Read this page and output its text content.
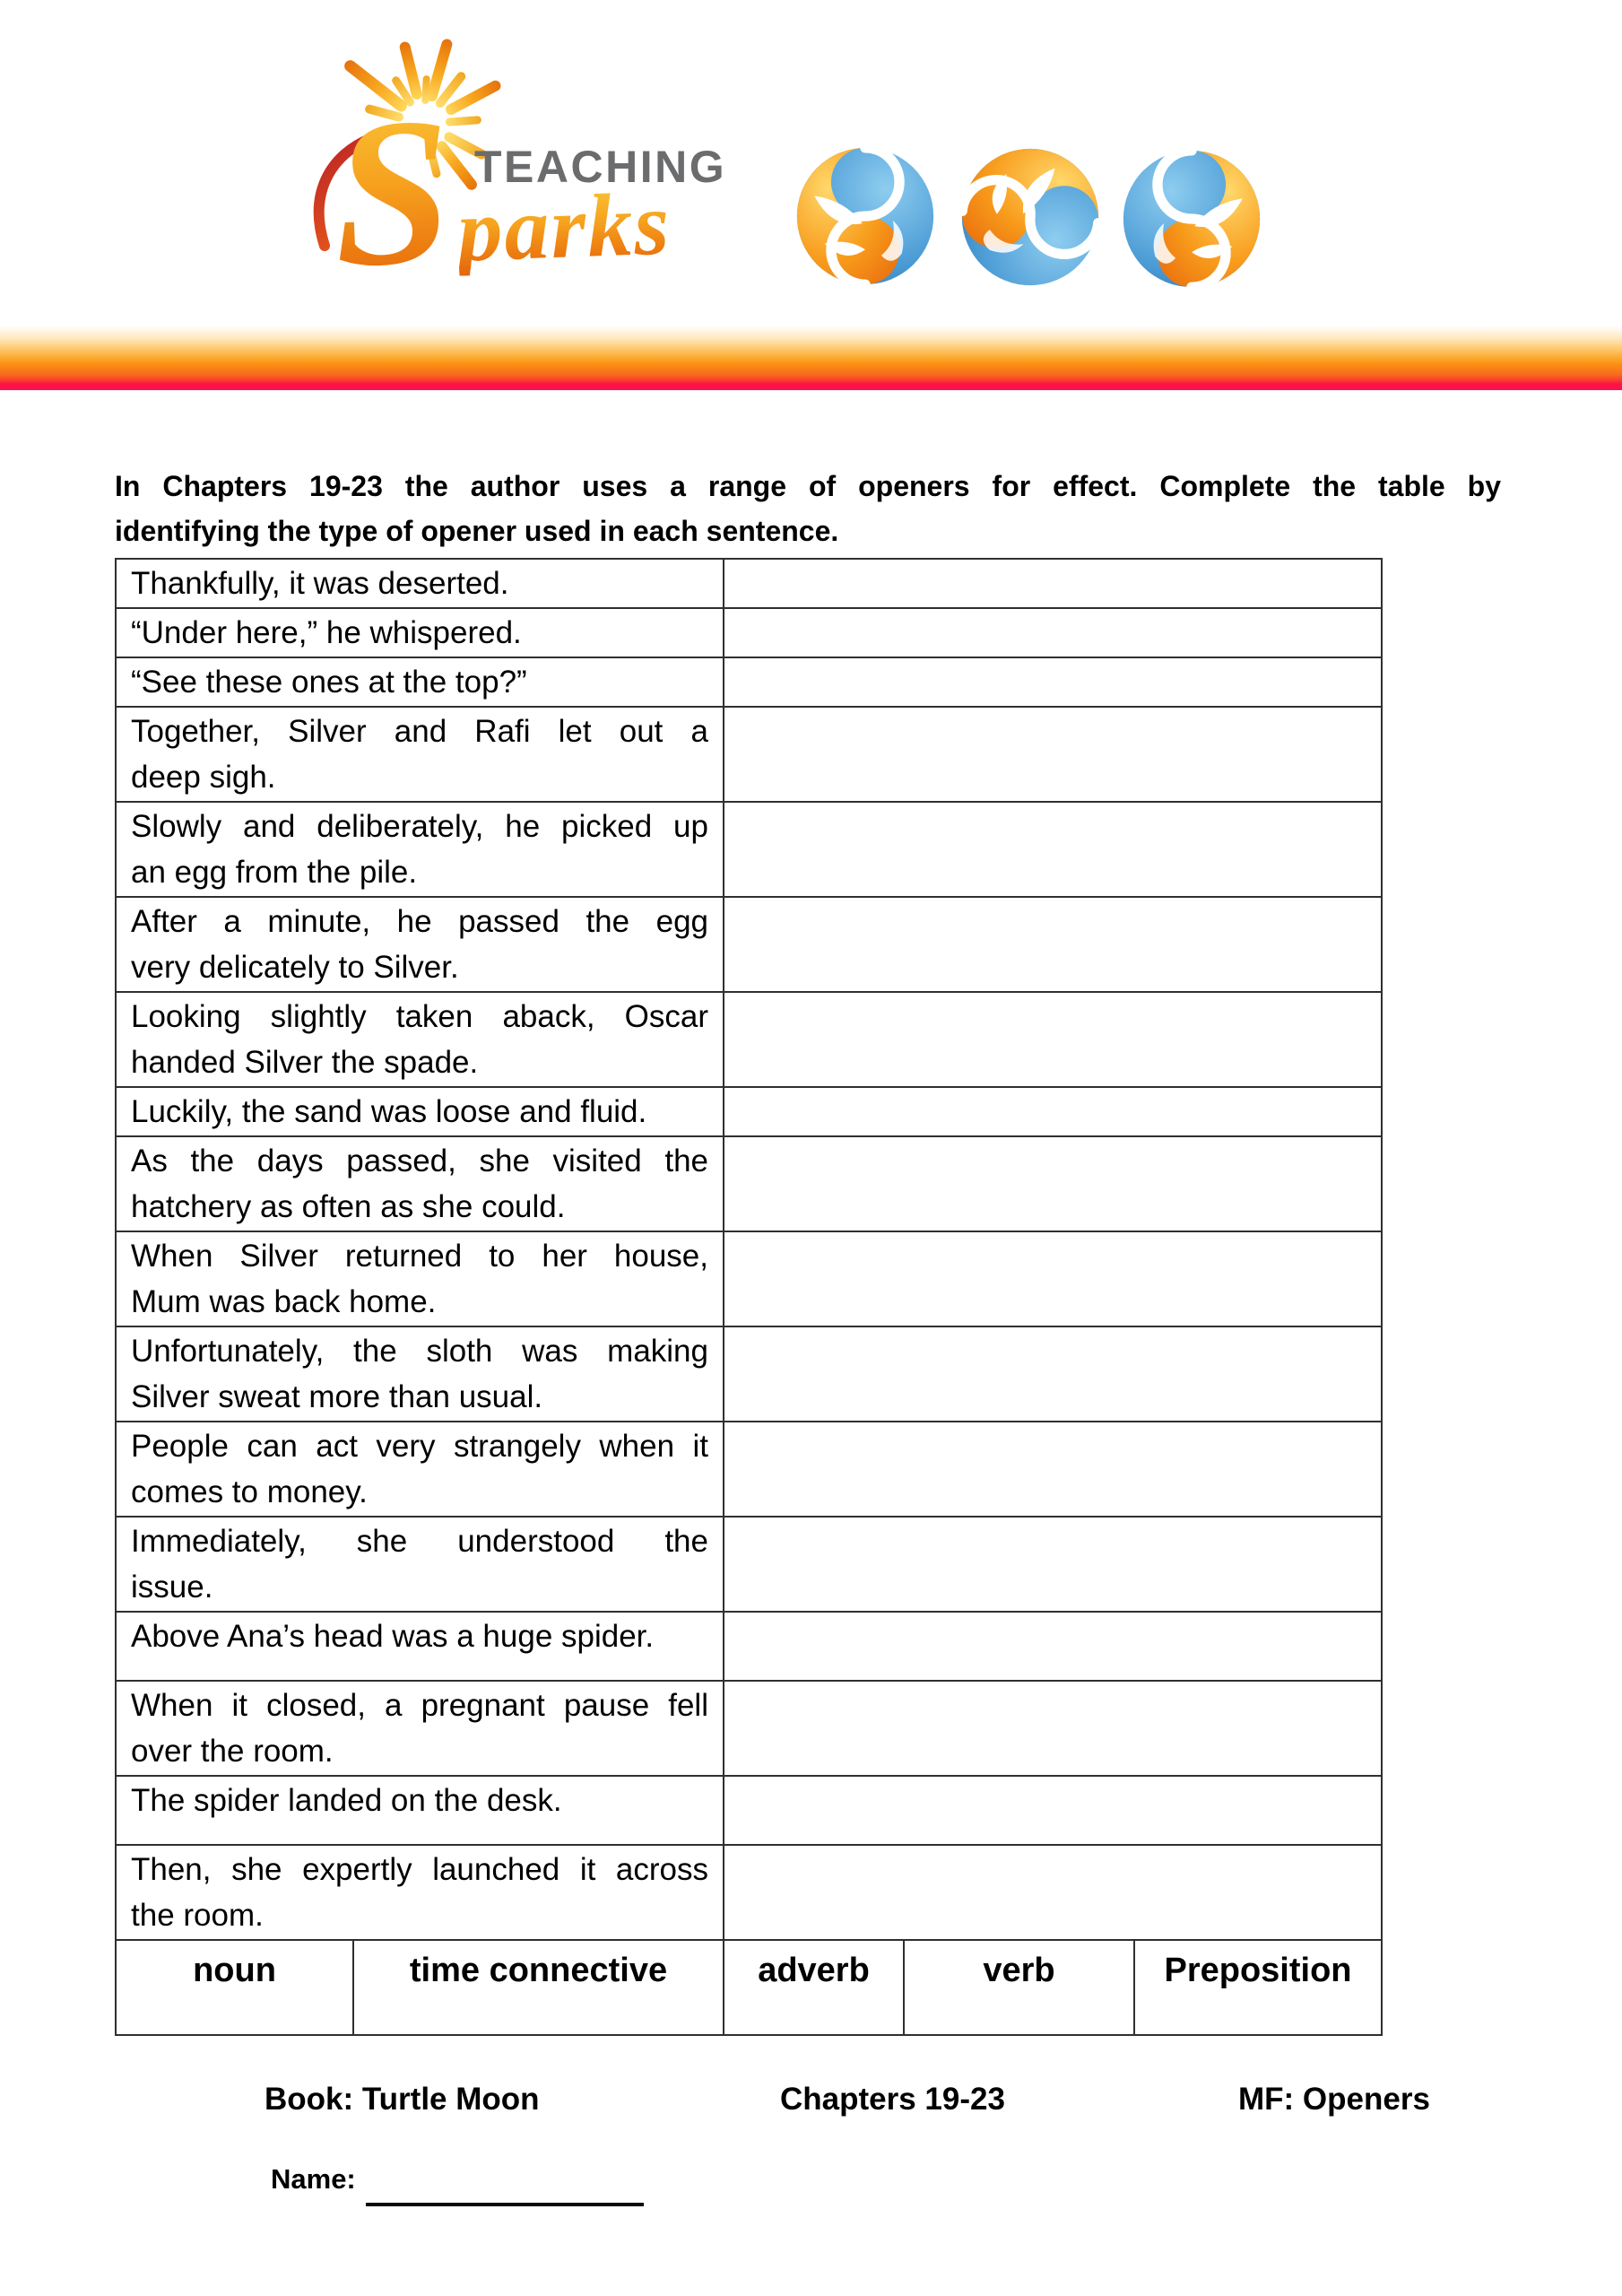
S parks
TEACHING
In Chapters 19-23 the author uses a range of openers for effect. Complete the table by
identifying the type of opener used in each sentence.
Thankfully, it was deserted.
“Under here,” he whispered.
“See these ones at the top?”
Together, Silver and Rafi let out a
deep sigh.
Slowly and deliberately, he picked up
an egg from the pile.
After a minute, he passed the egg
very delicately to Silver.
Looking slightly taken aback, Oscar
handed Silver the spade.
Luckily, the sand was loose and fluid.
As the days passed, she visited the
hatchery as often as she could.
When Silver returned to her house,
Mum was back home.
Unfortunately, the sloth was making
Silver sweat more than usual.
People can act very strangely when it
comes to money.
Immediately, she understood the
issue.
Above Ana’s head was a huge spider.
When it closed, a pregnant pause fell
over the room.
The spider landed on the desk.
Then, she expertly launched it across
the room.
noun	time connective	adverb	verb	Preposition
Book: Turtle Moon	Chapters 19-23	MF: Openers
Name:
